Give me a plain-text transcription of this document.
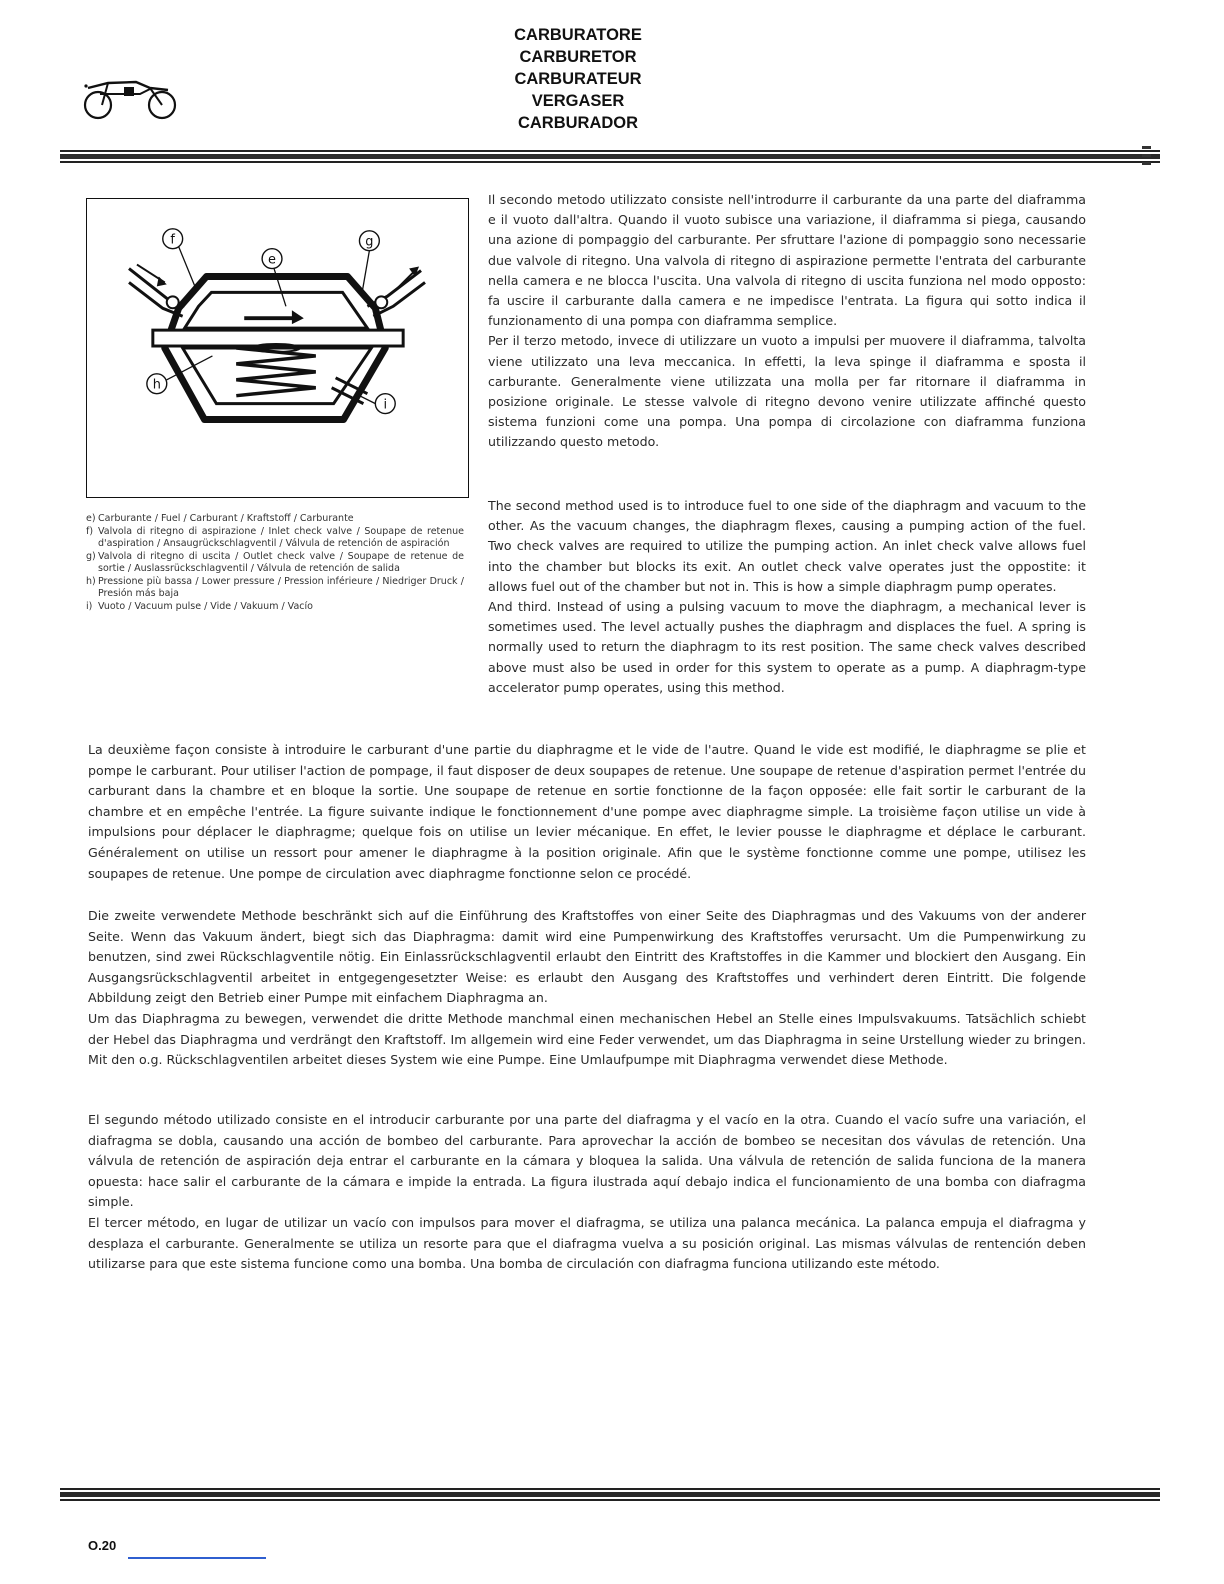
CARBURATORE
CARBURETOR
CARBURATEUR
VERGASER
CARBURADOR
f
e
g
h
i
e) Carburante / Fuel / Carburant / Kraftstoff / Carburante
f) Valvola di ritegno di aspirazione / Inlet check valve / Soupape de retenue d'aspiration / Ansaugrückschlagventil / Válvula de retención de aspiración
g) Valvola di ritegno di uscita / Outlet check valve / Soupape de retenue de sortie / Auslassrückschlagventil / Válvula de retención de salida
h) Pressione più bassa / Lower pressure / Pression inférieure / Niedriger Druck / Presión más baja
i) Vuoto / Vacuum pulse / Vide / Vakuum / Vacío

Il secondo metodo utilizzato consiste nell'introdurre il carburante da una parte del diaframma e il vuoto dall'altra. Quando il vuoto subisce una variazione, il diaframma si piega, causando una azione di pompaggio del carburante. Per sfruttare l'azione di pompaggio sono necessarie due valvole di ritegno. Una valvola di ritegno di aspirazione permette l'entrata del carburante nella camera e ne blocca l'uscita. Una valvola di ritegno di uscita funziona nel modo opposto: fa uscire il carburante dalla camera e ne impedisce l'entrata. La figura qui sotto indica il funzionamento di una pompa con diaframma semplice.

Per il terzo metodo, invece di utilizzare un vuoto a impulsi per muovere il diaframma, talvolta viene utilizzato una leva meccanica. In effetti, la leva spinge il diaframma e sposta il carburante. Generalmente viene utilizzata una molla per far ritornare il diaframma in posizione originale. Le stesse valvole di ritegno devono venire utilizzate affinché questo sistema funzioni come una pompa. Una pompa di circolazione con diaframma funziona utilizzando questo metodo.

The second method used is to introduce fuel to one side of the diaphragm and vacuum to the other. As the vacuum changes, the diaphragm flexes, causing a pumping action of the fuel. Two check valves are required to utilize the pumping action. An inlet check valve allows fuel into the chamber but blocks its exit. An outlet check valve operates just the oppostite: it allows fuel out of the chamber but not in. This is how a simple diaphragm pump operates.

And third. Instead of using a pulsing vacuum to move the diaphragm, a mechanical lever is sometimes used. The level actually pushes the diaphragm and displaces the fuel. A spring is normally used to return the diaphragm to its rest position. The same check valves described above must also be used in order for this system to operate as a pump. A diaphragm-type accelerator pump operates, using this method.

La deuxième façon consiste à introduire le carburant d'une partie du diaphragme et le vide de l'autre. Quand le vide est modifié, le diaphragme se plie et pompe le carburant. Pour utiliser l'action de pompage, il faut disposer de deux soupapes de retenue. Une soupape de retenue d'aspiration permet l'entrée du carburant dans la chambre et en bloque la sortie. Une soupape de retenue en sortie fonctionne de la façon opposée: elle fait sortir le carburant de la chambre et en empêche l'entrée. La figure suivante indique le fonctionnement d'une pompe avec diaphragme simple. La troisième façon utilise un vide à impulsions pour déplacer le diaphragme; quelque fois on utilise un levier mécanique. En effet, le levier pousse le diaphragme et déplace le carburant. Généralement on utilise un ressort pour amener le diaphragme à la position originale. Afin que le système fonctionne comme une pompe, utilisez les soupapes de retenue. Une pompe de circulation avec diaphragme fonctionne selon ce procédé.

Die zweite verwendete Methode beschränkt sich auf die Einführung des Kraftstoffes von einer Seite des Diaphragmas und des Vakuums von der anderer Seite. Wenn das Vakuum ändert, biegt sich das Diaphragma: damit wird eine Pumpenwirkung des Kraftstoffes verursacht. Um die Pumpenwirkung zu benutzen, sind zwei Rückschlagventile nötig. Ein Einlassrückschlagventil erlaubt den Eintritt des Kraftstoffes in die Kammer und blockiert den Ausgang. Ein Ausgangsrückschlagventil arbeitet in entgegengesetzter Weise: es erlaubt den Ausgang des Kraftstoffes und verhindert deren Eintritt. Die folgende Abbildung zeigt den Betrieb einer Pumpe mit einfachem Diaphragma an.

Um das Diaphragma zu bewegen, verwendet die dritte Methode manchmal einen mechanischen Hebel an Stelle eines Impulsvakuums. Tatsächlich schiebt der Hebel das Diaphragma und verdrängt den Kraftstoff. Im allgemein wird eine Feder verwendet, um das Diaphragma in seine Urstellung wieder zu bringen. Mit den o.g. Rückschlagventilen arbeitet dieses System wie eine Pumpe. Eine Umlaufpumpe mit Diaphragma verwendet diese Methode.

El segundo método utilizado consiste en el introducir carburante por una parte del diafragma y el vacío en la otra. Cuando el vacío sufre una variación, el diafragma se dobla, causando una acción de bombeo del carburante. Para aprovechar la acción de bombeo se necesitan dos vávulas de retención. Una válvula de retención de aspiración deja entrar el carburante en la cámara y bloquea la salida. Una válvula de retención de salida funciona de la manera opuesta: hace salir el carburante de la cámara e impide la entrada. La figura ilustrada aquí debajo indica el funcionamiento de una bomba con diafragma simple.

El tercer método, en lugar de utilizar un vacío con impulsos para mover el diafragma, se utiliza una palanca mecánica. La palanca empuja el diafragma y desplaza el carburante. Generalmente se utiliza un resorte para que el diafragma vuelva a su posición original. Las mismas válvulas de rentención deben utilizarse para que este sistema funcione como una bomba. Una bomba de circulación con diafragma funciona utilizando este método.

O.20
